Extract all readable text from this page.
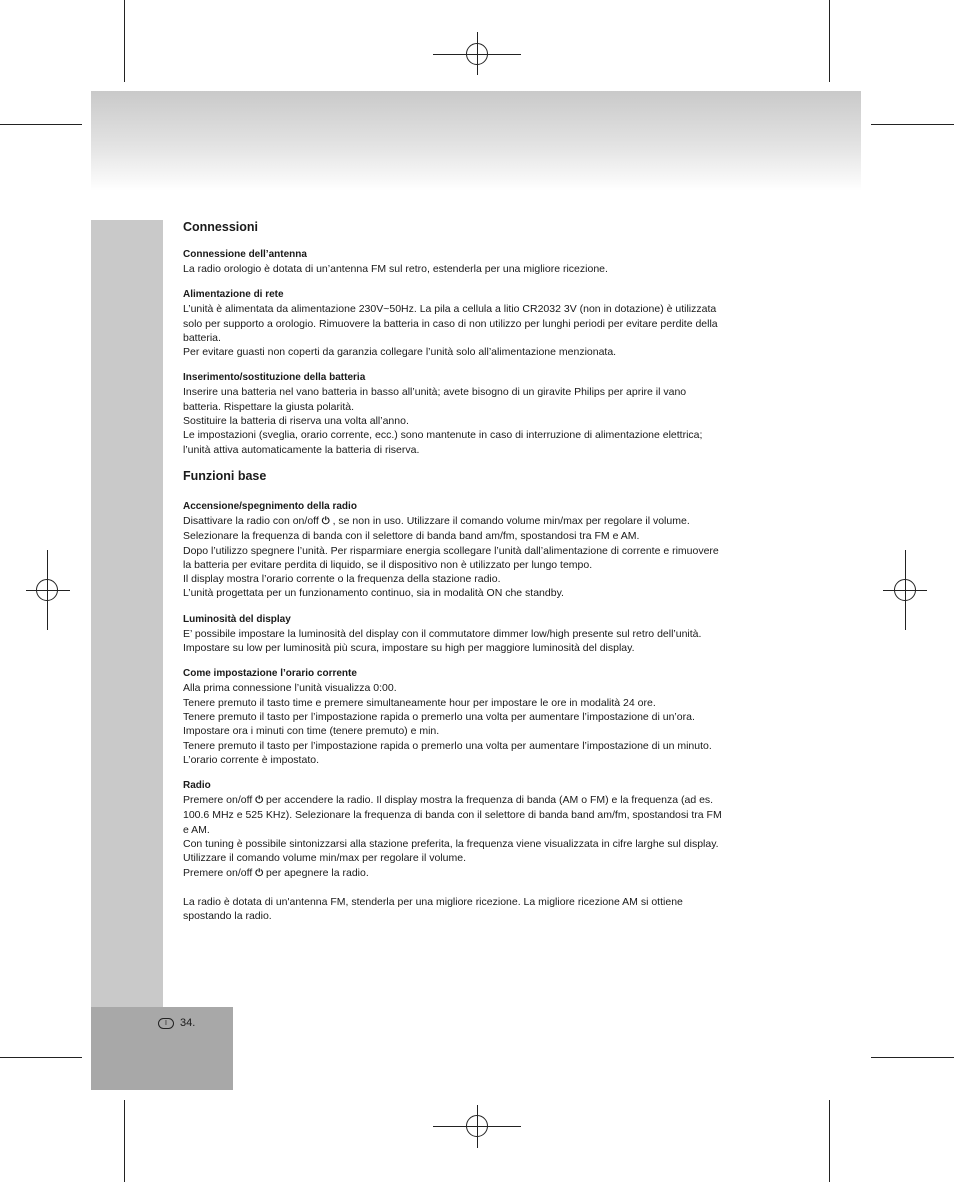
I	34.
Connessioni
Connessione dell’antenna

La radio orologio è dotata di un’antenna FM sul retro, estenderla per una migliore ricezione.

Alimentazione di rete

L’unità è alimentata da alimentazione 230V~50Hz. La pila a cellula a litio CR2032 3V (non in dotazione) è utilizzata

solo per supporto a orologio. Rimuovere la batteria in caso di non utilizzo per lunghi periodi per evitare perdite della

batteria.

Per evitare guasti non coperti da garanzia collegare l’unità solo all’alimentazione menzionata.

Inserimento/sostituzione della batteria

Inserire una batteria nel vano batteria in basso all’unità; avete bisogno di un giravite Philips per aprire il vano

batteria. Rispettare la giusta polarità.

Sostituire la batteria di riserva una volta all’anno.

Le impostazioni (sveglia, orario corrente, ecc.) sono mantenute in caso di interruzione di alimentazione elettrica;

l’unità attiva automaticamente la batteria di riserva.

Funzioni base
Accensione/spegnimento della radio

Disattivare la radio con on/off ⏻ , se non in uso. Utilizzare il comando volume min/max per regolare il volume.

Selezionare la frequenza di banda con il selettore di banda band am/fm, spostandosi tra FM e AM.

Dopo l’utilizzo spegnere l’unità. Per risparmiare energia scollegare l’unità dall’alimentazione di corrente e rimuovere

la batteria per evitare perdita di liquido, se il dispositivo non è utilizzato per lungo tempo.

Il display mostra l’orario corrente o la frequenza della stazione radio.

L’unità progettata per un funzionamento continuo, sia in modalità ON che standby.

Luminosità del display

E’ possibile impostare la luminosità del display con il commutatore dimmer low/high presente sul retro dell’unità.

Impostare su low per luminosità più scura, impostare su high per maggiore luminosità del display.

Come impostazione l’orario corrente

Alla prima connessione l’unità visualizza 0:00.

Tenere premuto il tasto time e premere simultaneamente hour per impostare le ore in modalità 24 ore.

Tenere premuto il tasto per l’impostazione rapida o premerlo una volta per aumentare l’impostazione di un’ora.

Impostare ora i minuti con time (tenere premuto) e min.

Tenere premuto il tasto per l’impostazione rapida o premerlo una volta per aumentare l’impostazione di un minuto.

L’orario corrente è impostato.

Radio

Premere on/off ⏻ per accendere la radio. Il display mostra la frequenza di banda (AM o FM) e la frequenza (ad es.

100.6 MHz e 525 KHz). Selezionare la frequenza di banda con il selettore di banda band am/fm, spostandosi tra FM

e AM.

Con tuning è possibile sintonizzarsi alla stazione preferita, la frequenza viene visualizzata in cifre larghe sul display.

Utilizzare il comando volume min/max per regolare il volume.

Premere on/off ⏻ per apegnere la radio.

La radio è dotata di un'antenna FM, stenderla per una migliore ricezione. La migliore ricezione AM si ottiene

spostando la radio.
